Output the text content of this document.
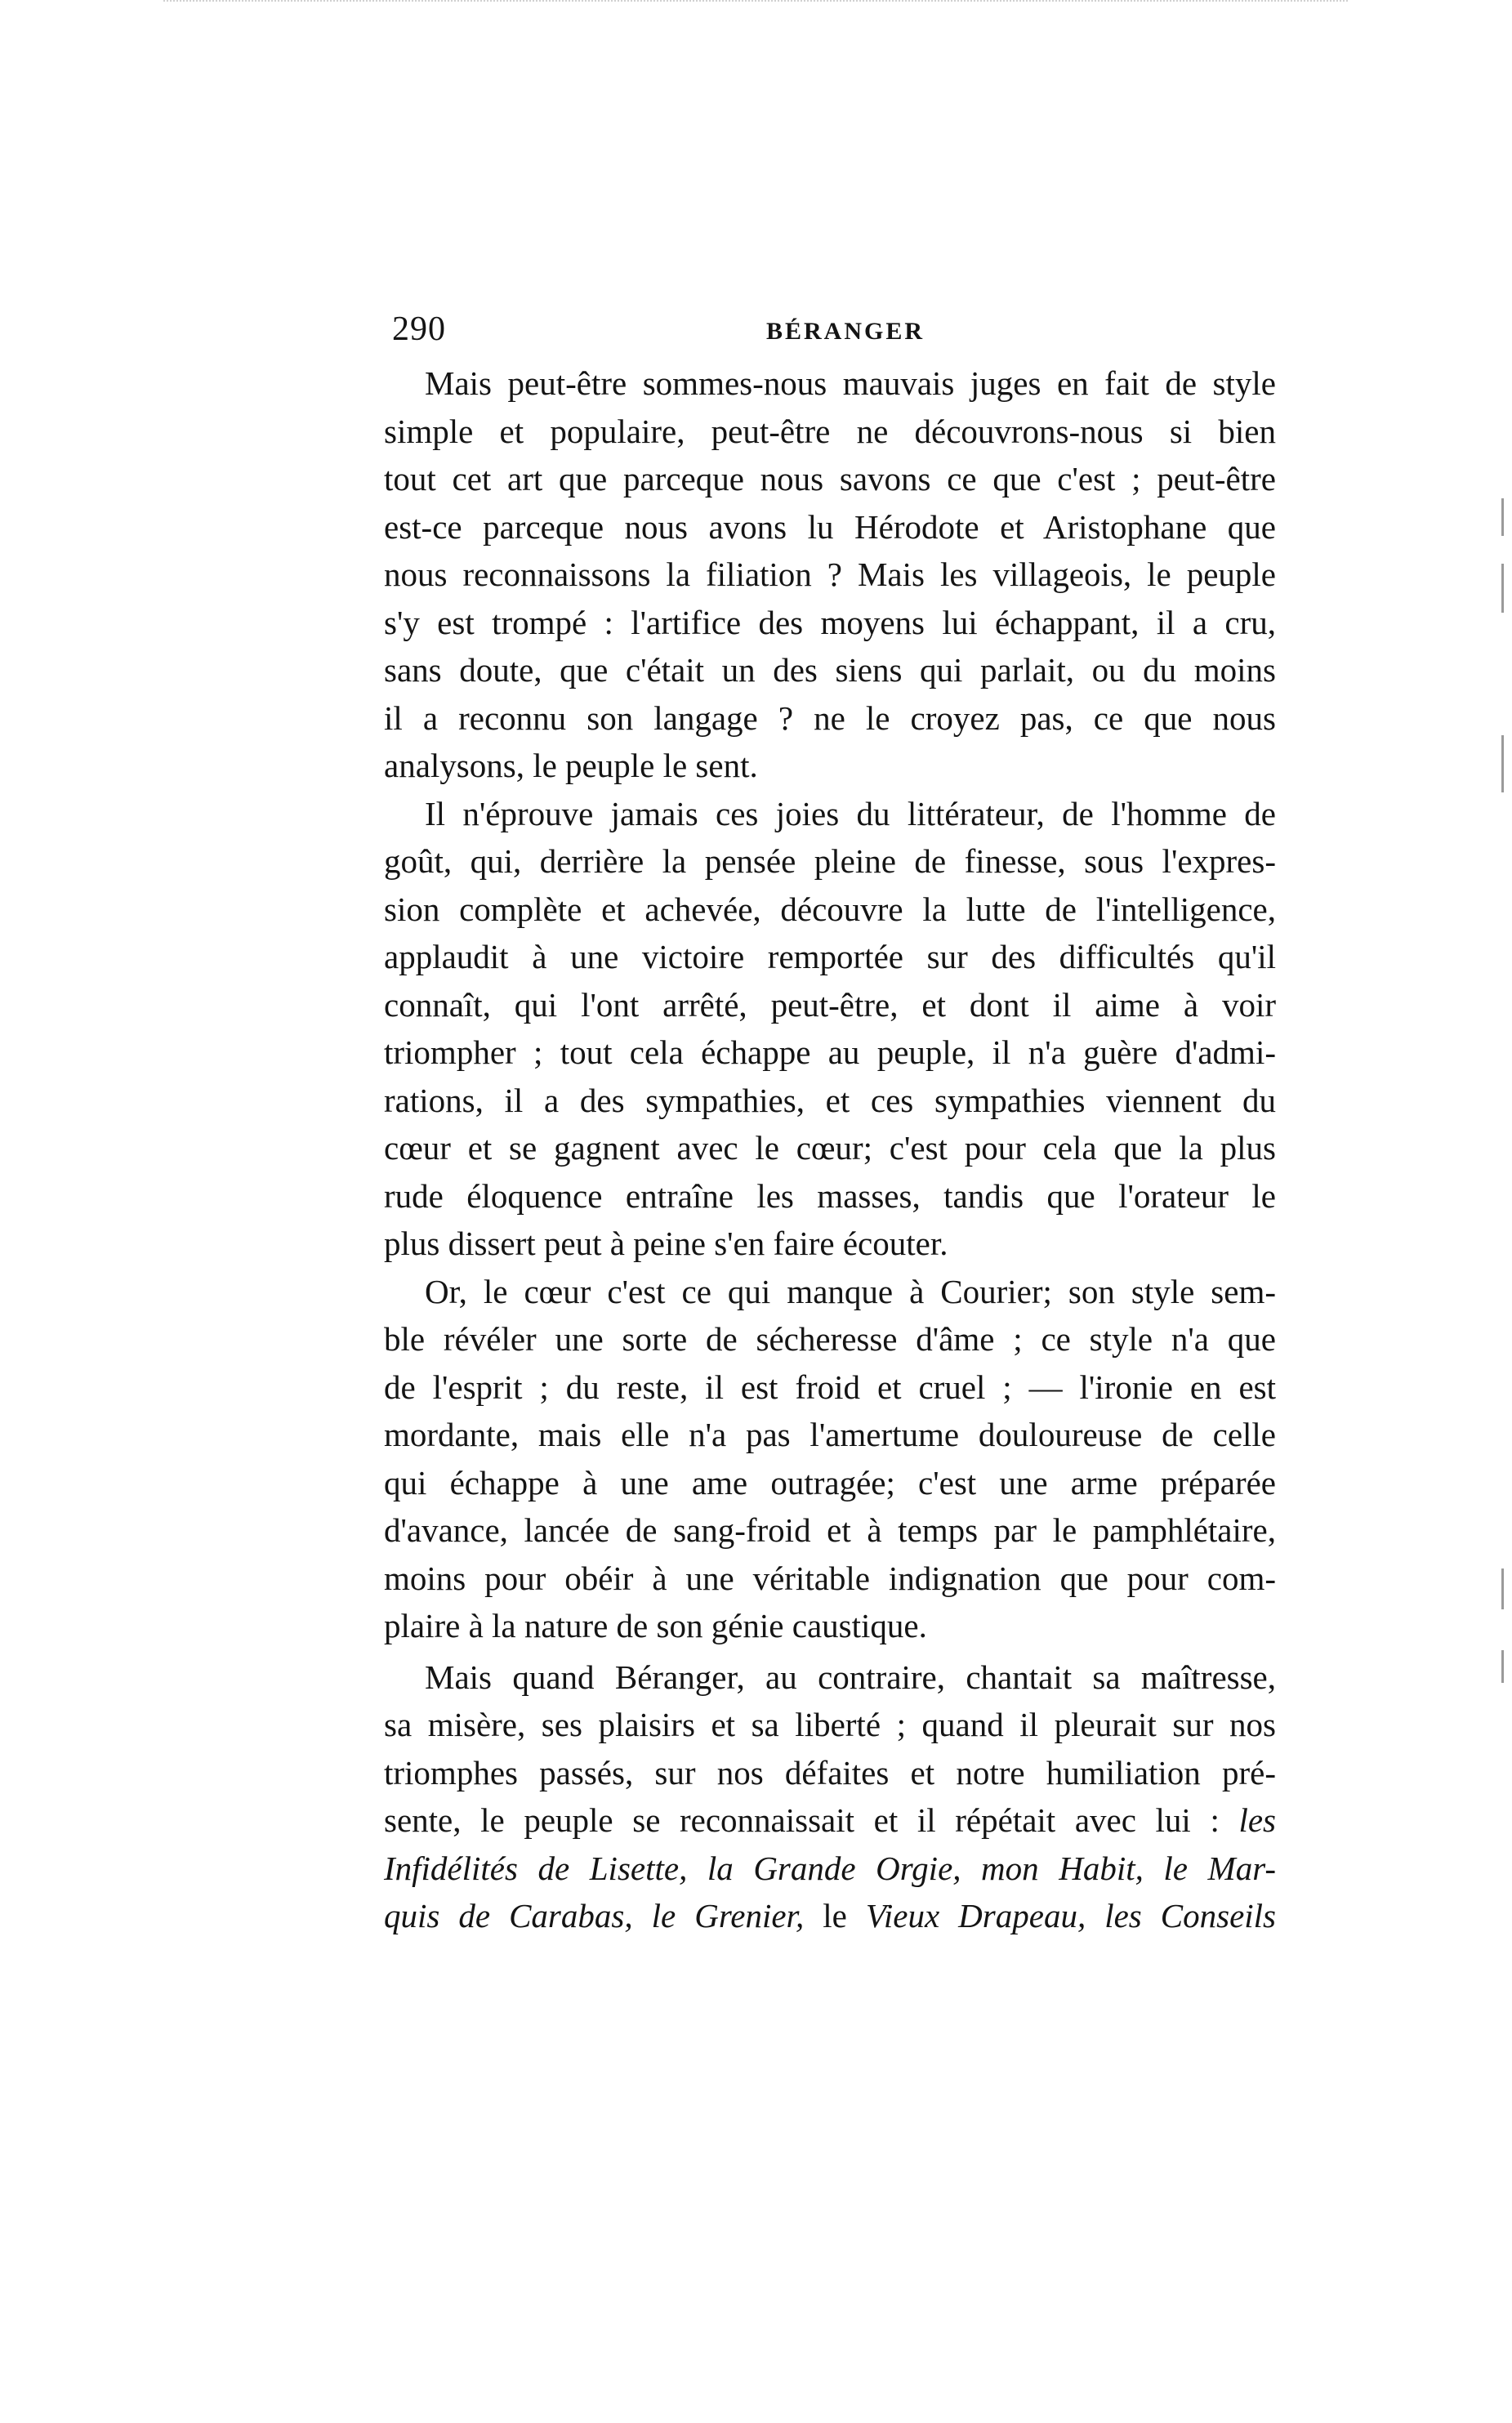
290	BÉRANGER
Mais peut-être sommes-nous mauvais juges en fait de style
simple et populaire, peut-être ne découvrons-nous si bien
tout cet art que parceque nous savons ce que c'est ; peut-être
est-ce parceque nous avons lu Hérodote et Aristophane que
nous reconnaissons la filiation ? Mais les villageois, le peuple
s'y est trompé : l'artifice des moyens lui échappant, il a cru,
sans doute, que c'était un des siens qui parlait, ou du moins
il a reconnu son langage ? ne le croyez pas, ce que nous
analysons, le peuple le sent.
Il n'éprouve jamais ces joies du littérateur, de l'homme de
goût, qui, derrière la pensée pleine de finesse, sous l'expres-
sion complète et achevée, découvre la lutte de l'intelligence,
applaudit à une victoire remportée sur des difficultés qu'il
connaît, qui l'ont arrêté, peut-être, et dont il aime à voir
triompher ; tout cela échappe au peuple, il n'a guère d'admi-
rations, il a des sympathies, et ces sympathies viennent du
cœur et se gagnent avec le cœur; c'est pour cela que la plus
rude éloquence entraîne les masses, tandis que l'orateur le
plus dissert peut à peine s'en faire écouter.
Or, le cœur c'est ce qui manque à Courier; son style sem-
ble révéler une sorte de sécheresse d'âme ; ce style n'a que
de l'esprit ; du reste, il est froid et cruel ; — l'ironie en est
mordante, mais elle n'a pas l'amertume douloureuse de celle
qui échappe à une ame outragée; c'est une arme préparée
d'avance, lancée de sang-froid et à temps par le pamphlétaire,
moins pour obéir à une véritable indignation que pour com-
plaire à la nature de son génie caustique.
Mais quand Béranger, au contraire, chantait sa maîtresse,
sa misère, ses plaisirs et sa liberté ; quand il pleurait sur nos
triomphes passés, sur nos défaites et notre humiliation pré-
sente, le peuple se reconnaissait et il répétait avec lui : les
Infidélités de Lisette, la Grande Orgie, mon Habit, le Mar-
quis de Carabas, le Grenier, le Vieux Drapeau, les Conseils
